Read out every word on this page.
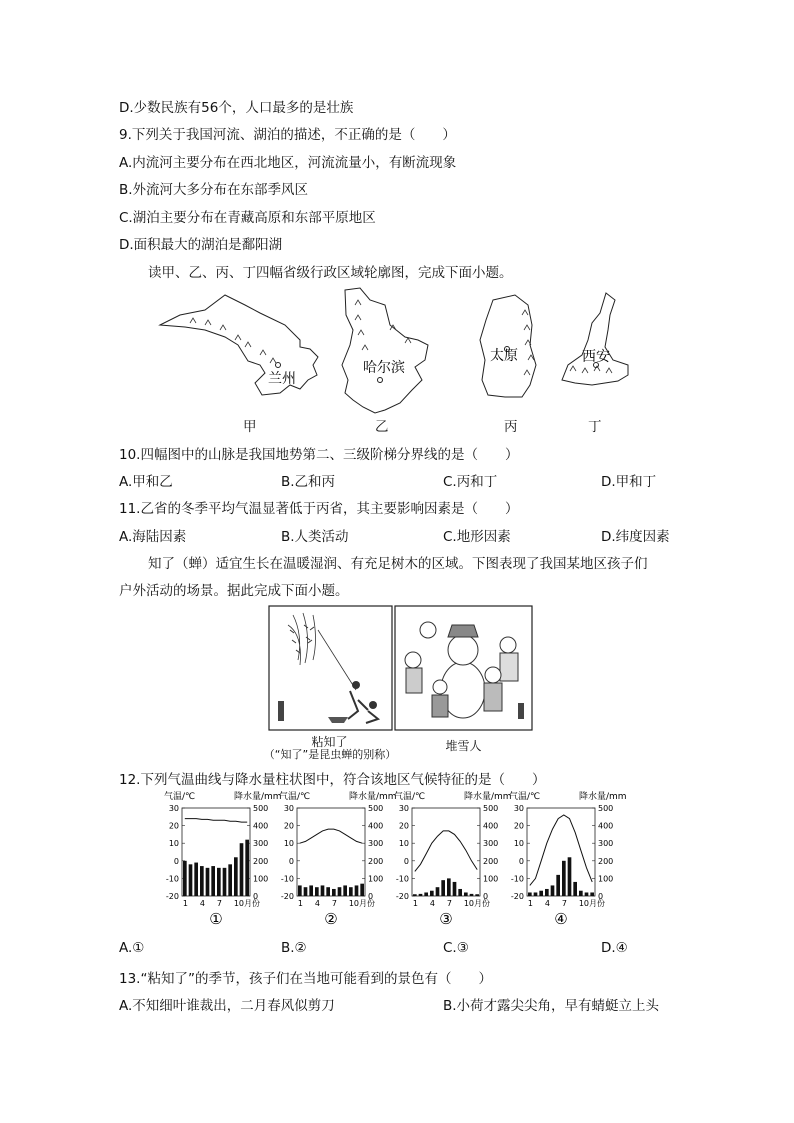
D.少数民族有56个，人口最多的是壮族
9.下列关于我国河流、湖泊的描述，不正确的是（　　）
A.内流河主要分布在西北地区，河流流量小，有断流现象
B.外流河大多分布在东部季风区
C.湖泊主要分布在青藏高原和东部平原地区
D.面积最大的湖泊是鄱阳湖
读甲、乙、丙、丁四幅省级行政区域轮廓图，完成下面小题。
兰州
哈尔滨
太原	西安
甲	乙	丙	丁
10.四幅图中的山脉是我国地势第二、三级阶梯分界线的是（　　）
A.甲和乙	B.乙和丙	C.丙和丁	D.甲和丁
11.乙省的冬季平均气温显著低于丙省，其主要影响因素是（　　）
A.海陆因素	B.人类活动	C.地形因素	D.纬度因素
知了（蝉）适宜生长在温暖湿润、有充足树木的区域。下图表现了我国某地区孩子们
户外活动的场景。据此完成下面小题。
粘知了
（“知了”是昆虫蝉的别称）
堆雪人
12.下列气温曲线与降水量柱状图中，符合该地区气候特征的是（　　）
气温/℃	降水量/mm
30
20
10
0
-10
-20
500
400
300
200
100
0
1 4 7 10月份
①
气温/℃	降水量/mm
30
20
10
0
-10
-20
500
400
300
200
100
0
1 4 7 10月份
②
气温/℃	降水量/mm
30
20
10
0
-10
-20
500
400
300
200
100
0
1 4 7 10月份
③
气温/℃	降水量/mm
30
20
10
0
-10
-20
500
400
300
200
100
0
1 4 7 10月份
④
A.①	B.②	C.③	D.④
13.“粘知了”的季节，孩子们在当地可能看到的景色有（　　）
A.不知细叶谁裁出，二月春风似剪刀	B.小荷才露尖尖角，早有蜻蜓立上头
